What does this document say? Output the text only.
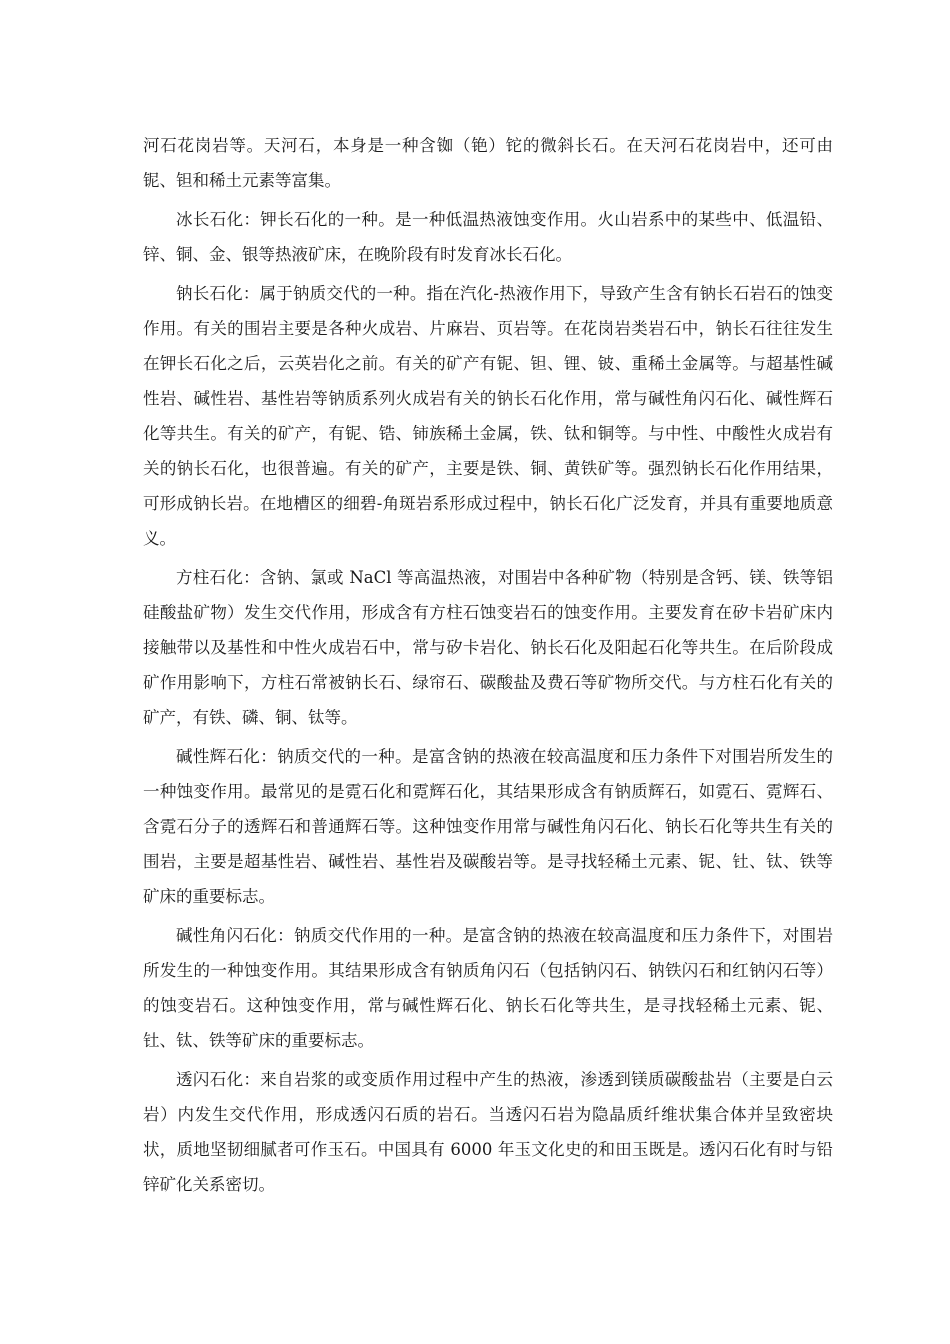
河石花岗岩等。天河石，本身是一种含铷（铯）铊的微斜长石。在天河石花岗岩中，还可由铌、钽和稀土元素等富集。

冰长石化：钾长石化的一种。是一种低温热液蚀变作用。火山岩系中的某些中、低温铅、锌、铜、金、银等热液矿床，在晚阶段有时发育冰长石化。

钠长石化：属于钠质交代的一种。指在汽化-热液作用下，导致产生含有钠长石岩石的蚀变作用。有关的围岩主要是各种火成岩、片麻岩、页岩等。在花岗岩类岩石中，钠长石往往发生在钾长石化之后，云英岩化之前。有关的矿产有铌、钽、锂、铍、重稀土金属等。与超基性碱性岩、碱性岩、基性岩等钠质系列火成岩有关的钠长石化作用，常与碱性角闪石化、碱性辉石化等共生。有关的矿产，有铌、锆、铈族稀土金属，铁、钛和铜等。与中性、中酸性火成岩有关的钠长石化，也很普遍。有关的矿产，主要是铁、铜、黄铁矿等。强烈钠长石化作用结果，可形成钠长岩。在地槽区的细碧-角斑岩系形成过程中，钠长石化广泛发育，并具有重要地质意义。

方柱石化：含钠、氯或 NaCl 等高温热液，对围岩中各种矿物（特别是含钙、镁、铁等铝硅酸盐矿物）发生交代作用，形成含有方柱石蚀变岩石的蚀变作用。主要发育在矽卡岩矿床内接触带以及基性和中性火成岩石中，常与矽卡岩化、钠长石化及阳起石化等共生。在后阶段成矿作用影响下，方柱石常被钠长石、绿帘石、碳酸盐及费石等矿物所交代。与方柱石化有关的矿产，有铁、磷、铜、钛等。

碱性辉石化：钠质交代的一种。是富含钠的热液在较高温度和压力条件下对围岩所发生的一种蚀变作用。最常见的是霓石化和霓辉石化，其结果形成含有钠质辉石，如霓石、霓辉石、含霓石分子的透辉石和普通辉石等。这种蚀变作用常与碱性角闪石化、钠长石化等共生有关的围岩，主要是超基性岩、碱性岩、基性岩及碳酸岩等。是寻找轻稀土元素、铌、钍、钛、铁等矿床的重要标志。

碱性角闪石化：钠质交代作用的一种。是富含钠的热液在较高温度和压力条件下，对围岩所发生的一种蚀变作用。其结果形成含有钠质角闪石（包括钠闪石、钠铁闪石和红钠闪石等）的蚀变岩石。这种蚀变作用，常与碱性辉石化、钠长石化等共生，是寻找轻稀土元素、铌、钍、钛、铁等矿床的重要标志。

透闪石化：来自岩浆的或变质作用过程中产生的热液，渗透到镁质碳酸盐岩（主要是白云岩）内发生交代作用，形成透闪石质的岩石。当透闪石岩为隐晶质纤维状集合体并呈致密块状，质地坚韧细腻者可作玉石。中国具有 6000 年玉文化史的和田玉既是。透闪石化有时与铅锌矿化关系密切。
